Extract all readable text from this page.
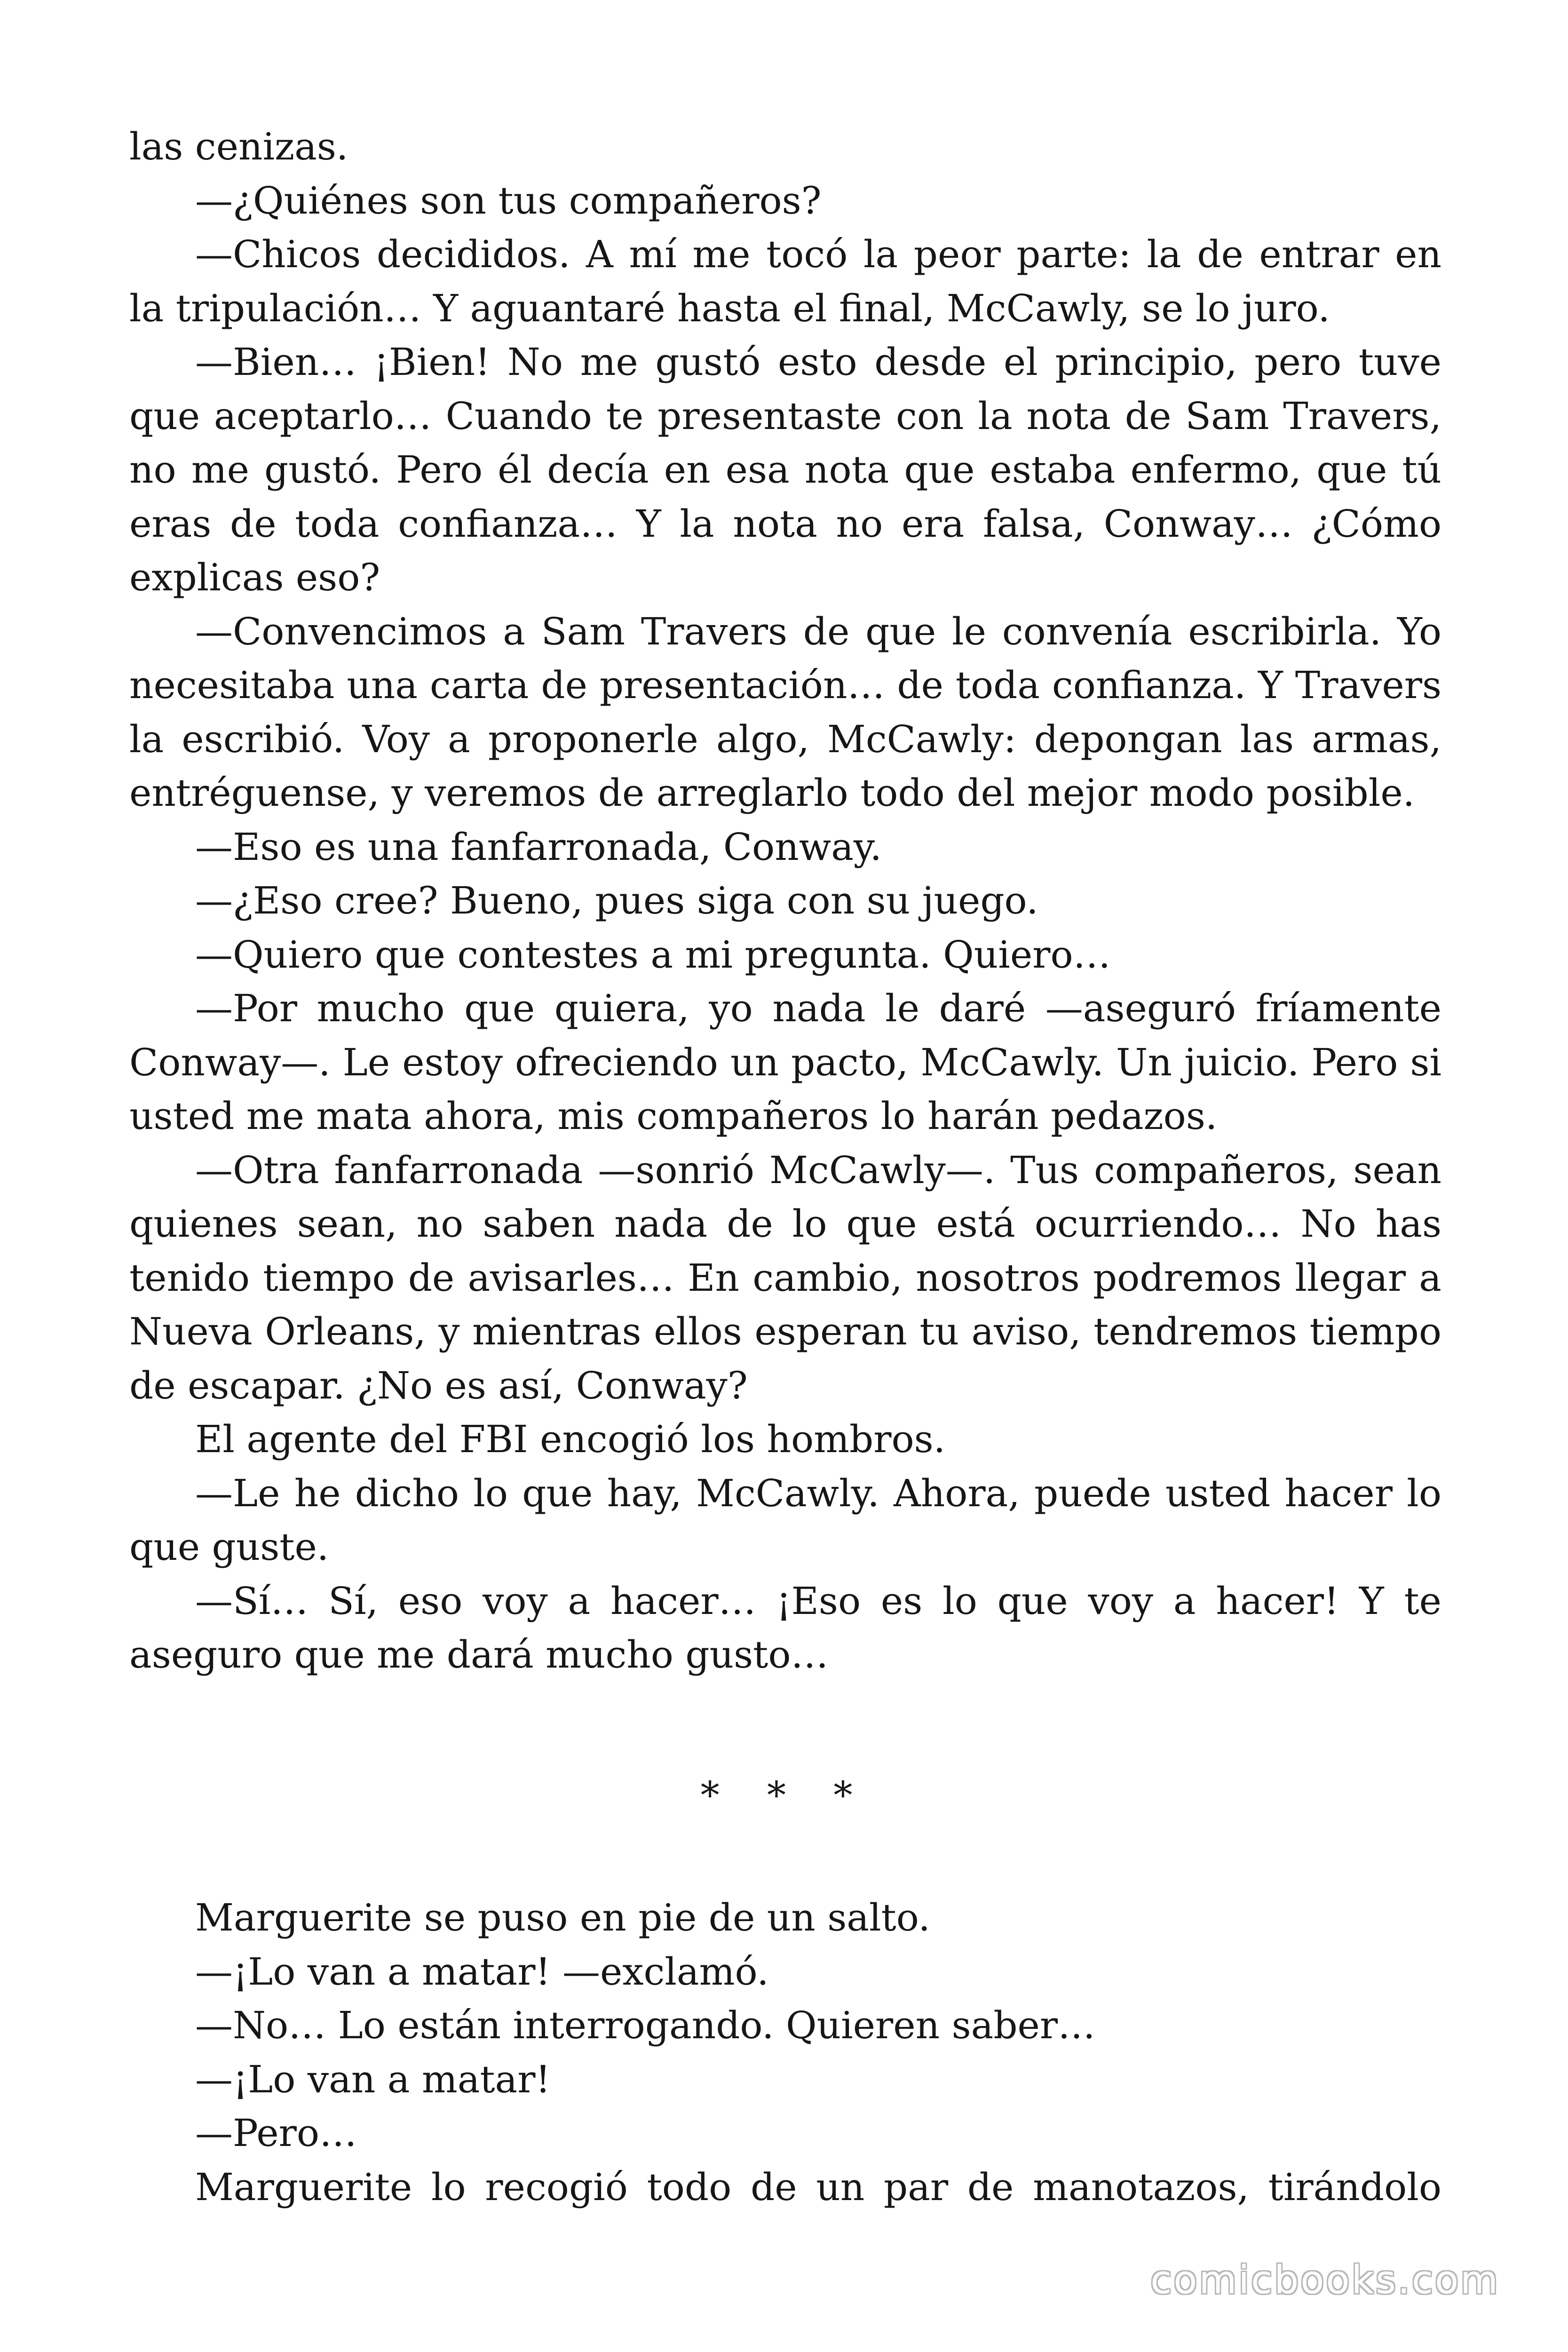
las cenizas.

—¿Quiénes son tus compañeros?

—Chicos decididos. A mí me tocó la peor parte: la de entrar en la tripulación… Y aguantaré hasta el final, McCawly, se lo juro.

—Bien… ¡Bien! No me gustó esto desde el principio, pero tuve que aceptarlo… Cuando te presentaste con la nota de Sam Travers, no me gustó. Pero él decía en esa nota que estaba enfermo, que tú eras de toda confianza… Y la nota no era falsa, Conway… ¿Cómo explicas eso?

—Convencimos a Sam Travers de que le convenía escribirla. Yo necesitaba una carta de presentación… de toda confianza. Y Travers la escribió. Voy a proponerle algo, McCawly: depongan las armas, entréguense, y veremos de arreglarlo todo del mejor modo posible.

—Eso es una fanfarronada, Conway.

—¿Eso cree? Bueno, pues siga con su juego.

—Quiero que contestes a mi pregunta. Quiero…

—Por mucho que quiera, yo nada le daré —aseguró fríamente Conway—. Le estoy ofreciendo un pacto, McCawly. Un juicio. Pero si usted me mata ahora, mis compañeros lo harán pedazos.

—Otra fanfarronada —sonrió McCawly—. Tus compañeros, sean quienes sean, no saben nada de lo que está ocurriendo… No has tenido tiempo de avisarles… En cambio, nosotros podremos llegar a Nueva Orleans, y mientras ellos esperan tu aviso, tendremos tiempo de escapar. ¿No es así, Conway?

El agente del FBI encogió los hombros.

—Le he dicho lo que hay, McCawly. Ahora, puede usted hacer lo que guste.

—Sí… Sí, eso voy a hacer… ¡Eso es lo que voy a hacer! Y te aseguro que me dará mucho gusto…

* * *

Marguerite se puso en pie de un salto.

—¡Lo van a matar! —exclamó.

—No… Lo están interrogando. Quieren saber…

—¡Lo van a matar!

—Pero…

Marguerite lo recogió todo de un par de manotazos, tirándolo

comicbooks.com
